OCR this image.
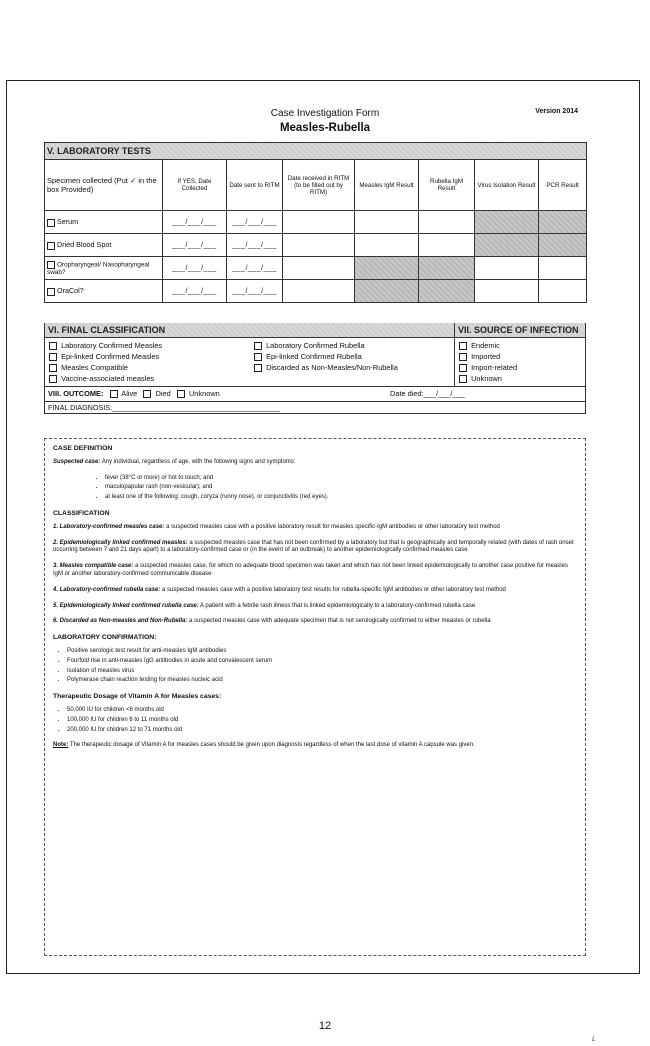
Case Investigation Form	Version 2014
Measles-Rubella
V. LABORATORY TESTS							
Specimen collected (Put ✓ in the box Provided)	If YES, Date Collected	Date sent to RITM	Date received in RITM (to be filled out by RITM)	Measles IgM Result	Rubella IgM Result	Virus Isolation Result	PCR Result
Serum	___/___/___	___/___/___					
Dried Blood Spot	___/___/___	___/___/___					
Oropharyngeal/ Nasopharyngeal swab?	___/___/___	___/___/___					
OraCol?	___/___/___	___/___/___					
VI. FINAL CLASSIFICATION	VII. SOURCE OF INFECTION
Laboratory Confirmed Measles
Epi-linked Confirmed Measles
Measles Compatible
Vaccine-associated measles
Laboratory Confirmed Rubella
Epi-linked Confirmed Rubella
Discarded as Non-Measles/Non-Rubella
Endemic
Imported
Import-related
Unknown
VIII. OUTCOME: Alive Died Unknown	Date died:___/___/___
FINAL DIAGNOSIS:__________________________________________
CASE DEFINITION

Suspected case: Any individual, regardless of age, with the following signs and symptoms:

• fever (38°C or more) or hot to touch; and
• maculopapular rash (non-vesicular); and
• at least one of the following: cough, coryza (runny nose), or conjunctivitis (red eyes).
CLASSIFICATION

1. Laboratory-confirmed measles case: a suspected measles case with a positive laboratory result for measles specific-IgM antibodies or other laboratory test method

2. Epidemiologically linked confirmed measles: a suspected measles case that has not been confirmed by a laboratory but that is geographically and temporally related (with dates of rash onset occurring between 7 and 21 days apart) to a laboratory-confirmed case or (in the event of an outbreak) to another epidemiologically confirmed measles case

3. Measles compatible case: a suspected measles case, for which no adequate blood specimen was taken and which has not been linked epidemiologically to another case positive for measles IgM or another laboratory-confirmed communicable disease

4. Laboratory-confirmed rubella case: a suspected measles case with a positive laboratory test results for rubella-specific IgM antibodies or other laboratory test method

5. Epidemiologically linked confirmed rubella case: A patient with a febrile rash illness that is linked epidemiologically to a laboratory-confirmed rubella case

6. Discarded as Non-measles and Non-Rubella: a suspected measles case with adequate specimen that is not serologically confirmed to either measles or rubella

LABORATORY CONFIRMATION:
• Positive serologic test result for anti-measles IgM antibodies
• Fourfold rise in anti-measles IgG antibodies in acute and convalescent serum
• Isolation of measles virus
• Polymerase chain reaction testing for measles nucleic acid
Therapeutic Dosage of Vitamin A for Measles cases:
• 50,000 IU for children <6 months old
• 100,000 IU for children 6 to 11 months old
• 200,000 IU for children 12 to 71 months old

Note: The therapeutic dosage of Vitamin A for measles cases should be given upon diagnosis regardless of when the last dose of vitamin A capsule was given.

12
L
